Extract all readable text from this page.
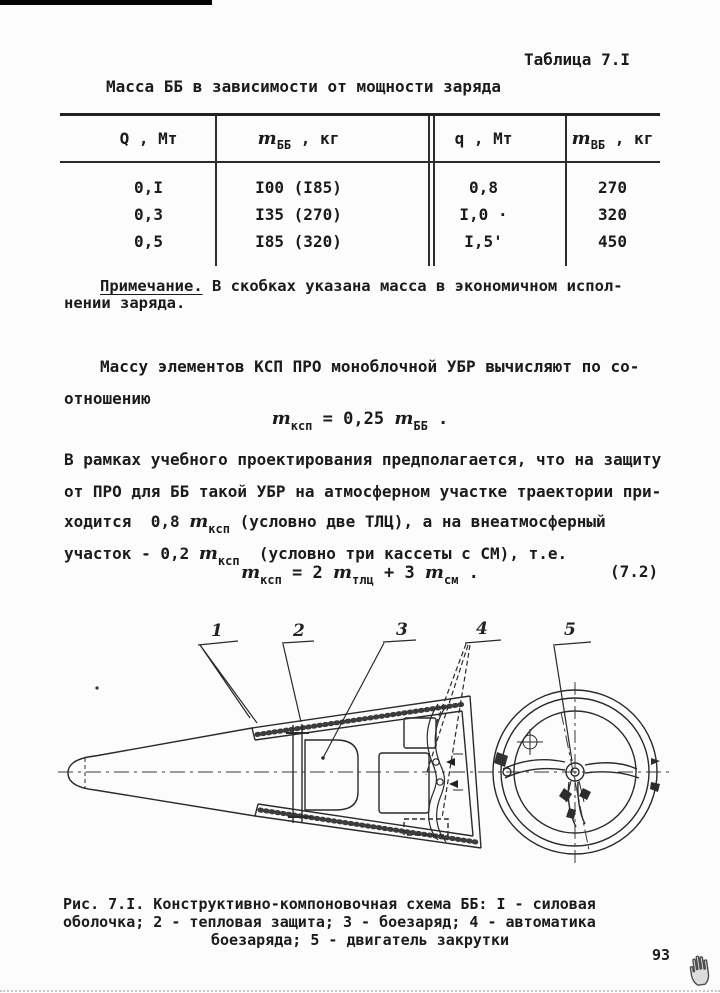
Таблица 7.I
Масса ББ в зависимости от мощности заряда
Q , Мт	m ББ , кг	q , Мт	m ВБ , кг
0,I	I00 (I85)	0,8	270
0,3	I35 (270)	I,0 ·	320
0,5	I85 (320)	I,5'	450
Примечание. В скобках указана масса в экономичном испол-
нении заряда.
Массу элементов КСП ПРО моноблочной УБР вычисляют по со-
отношению
$m_{ксп} = 0,25$ $m_{ББ}$ .
В рамках учебного проектирования предполагается, что на защиту
от ПРО для ББ такой УБР на атмосферном участке траектории при-
ходится  0,8 $m_{ксп}$ (условно две ТЛЦ), а на внеатмосферный
участок - 0,2 $m_{ксп}$  (условно три кассеты с СМ), т.е.
$m_{ксп} = 2$ $m_{тлц} + 3$ $m_{см}$ .	(7.2)
1	2	3	4	5
Рис. 7.I. Конструктивно-компоновочная схема ББ: I - силовая
оболочка; 2 - тепловая защита; 3 - боезаряд; 4 - автоматика
боезаряда; 5 - двигатель закрутки
93
